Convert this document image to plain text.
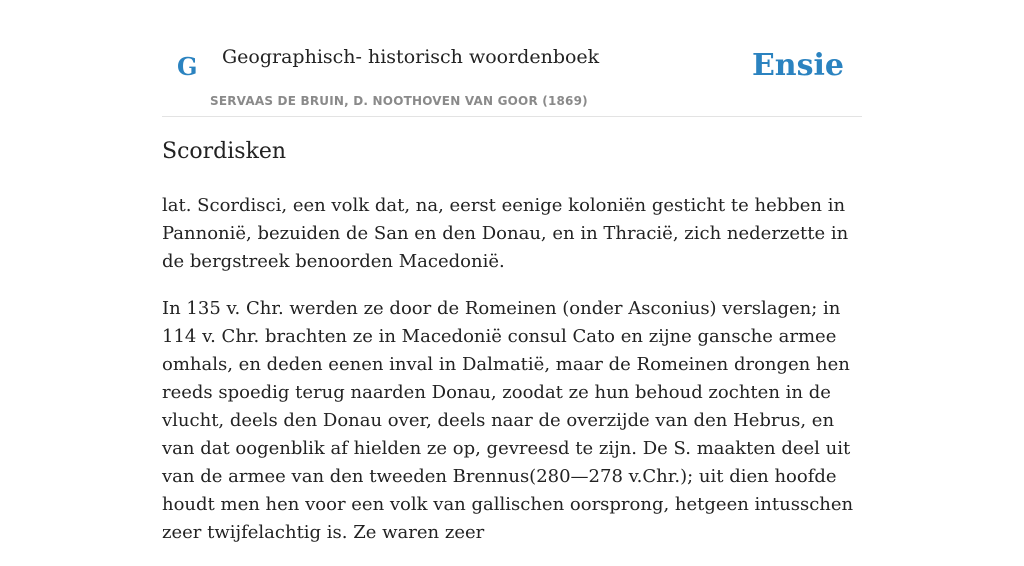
G Geographisch- historisch woordenboek
SERVAAS DE BRUIN, D. NOOTHOVEN VAN GOOR (1869)
Ensie
Scordisken

lat. Scordisci, een volk dat, na, eerst eenige koloniën gesticht te hebben in Pannonië, bezuiden de San en den Donau, en in Thracië, zich nederzette in de bergstreek benoorden Macedonië.

In 135 v. Chr. werden ze door de Romeinen (onder Asconius) verslagen; in 114 v. Chr. brachten ze in Macedonië consul Cato en zijne gansche armee omhals, en deden eenen inval in Dalmatië, maar de Romeinen drongen hen reeds spoedig terug naarden Donau, zoodat ze hun behoud zochten in de vlucht, deels den Donau over, deels naar de overzijde van den Hebrus, en van dat oogenblik af hielden ze op, gevreesd te zijn. De S. maakten deel uit van de armee van den tweeden Brennus(280—278 v.Chr.); uit dien hoofde houdt men hen voor een volk van gallischen oorsprong, hetgeen intusschen zeer twijfelachtig is. Ze waren zeer
